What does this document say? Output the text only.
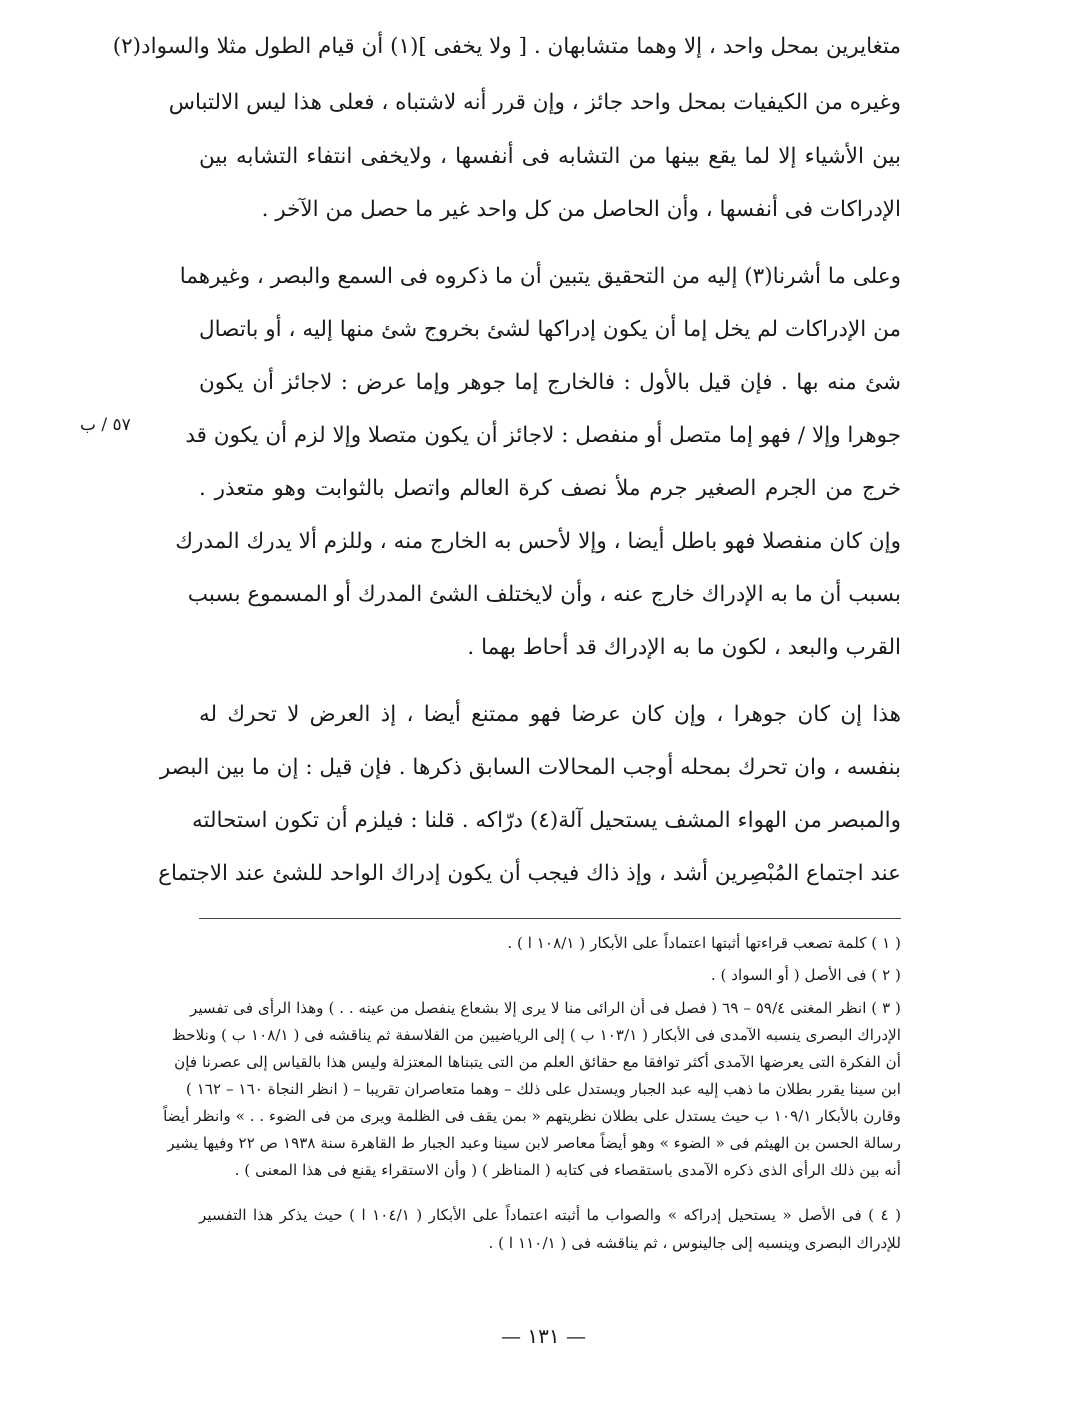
متغايرين بمحل واحد ، إلا وهما متشابهان . [ ولا يخفى ](١) أن قيام الطول مثلا والسواد(٢)
وغيره من الكيفيات بمحل واحد جائز ، وإن قرر أنه لاشتباه ، فعلى هذا ليس الالتباس
بين الأشياء إلا لما يقع بينها من التشابه فى أنفسها ، ولايخفى انتفاء التشابه بين
الإدراكات فى أنفسها ، وأن الحاصل من كل واحد غير ما حصل من الآخر .
وعلى ما أشرنا(٣) إليه من التحقيق يتبين أن ما ذكروه فى السمع والبصر ، وغيرهما
من الإدراكات لم يخل إما أن يكون إدراكها لشئ بخروج شئ منها إليه ، أو باتصال
شئ منه بها . فإن قيل بالأول : فالخارج إما جوهر وإما عرض : لاجائز أن يكون
جوهرا وإلا / فهو إما متصل أو منفصل : لاجائز أن يكون متصلا وإلا لزم أن يكون قد
خرج من الجرم الصغير جرم ملأ نصف كرة العالم واتصل بالثوابت وهو متعذر .
وإن كان منفصلا فهو باطل أيضا ، وإلا لأحس به الخارج منه ، وللزم ألا يدرك المدرك
بسبب أن ما به الإدراك خارج عنه ، وأن لايختلف الشئ المدرك أو المسموع بسبب
القرب والبعد ، لكون ما به الإدراك قد أحاط بهما .
هذا إن كان جوهرا ، وإن كان عرضا فهو ممتنع أيضا ، إذ العرض لا تحرك له
بنفسه ، وان تحرك بمحله أوجب المحالات السابق ذكرها . فإن قيل : إن ما بين البصر
والمبصر من الهواء المشف يستحيل آلة(٤) درّاكه . قلنا : فيلزم أن تكون استحالته
عند اجتماع المُبْصِرين أشد ، وإذ ذاك فيجب أن يكون إدراك الواحد للشئ عند الاجتماع
٥٧ / ب
( ١ ) كلمة تصعب قراءتها أثبتها اعتماداً على الأبكار ( ١٠٨/١ ا ) .
( ٢ ) فى الأصل ( أو السواد ) .
( ٣ ) انظر المغنى ٥٩/٤ – ٦٩ ( فصل فى أن الرائى منا لا يرى إلا بشعاع ينفصل من عينه . . ) وهذا الرأى فى تفسير
الإدراك البصرى ينسبه الآمدى فى الأبكار ( ١٠٣/١ ب ) إلى الرياضيين من الفلاسفة ثم يناقشه فى ( ١٠٨/١ ب ) ونلاحظ
أن الفكرة التى يعرضها الآمدى أكثر توافقا مع حقائق العلم من التى يتبناها المعتزلة وليس هذا بالقياس إلى عصرنا فإن
ابن سينا يقرر بطلان ما ذهب إليه عبد الجبار ويستدل على ذلك – وهما متعاصران تقريبا – ( انظر النجاة ١٦٠ – ١٦٢ )
وقارن بالأبكار ١٠٩/١ ب حيث يستدل على بطلان نظريتهم « بمن يقف فى الظلمة ويرى من فى الضوء . . » وانظر أيضاً
رسالة الحسن بن الهيثم فى « الضوء » وهو أيضاً معاصر لابن سينا وعبد الجبار ط القاهرة سنة ١٩٣٨ ص ٢٢ وفيها يشير
أنه بين ذلك الرأى الذى ذكره الآمدى باستقصاء فى كتابه ( المناظر ) ( وأن الاستقراء يقنع فى هذا المعنى ) .
( ٤ ) فى الأصل « يستحيل إدراكه » والصواب ما أثبته اعتماداً على الأبكار ( ١٠٤/١ ا ) حيث يذكر هذا التفسير
للإدراك البصرى وينسبه إلى جالينوس ، ثم يناقشه فى ( ١١٠/١ ا ) .
— ١٣١ —
